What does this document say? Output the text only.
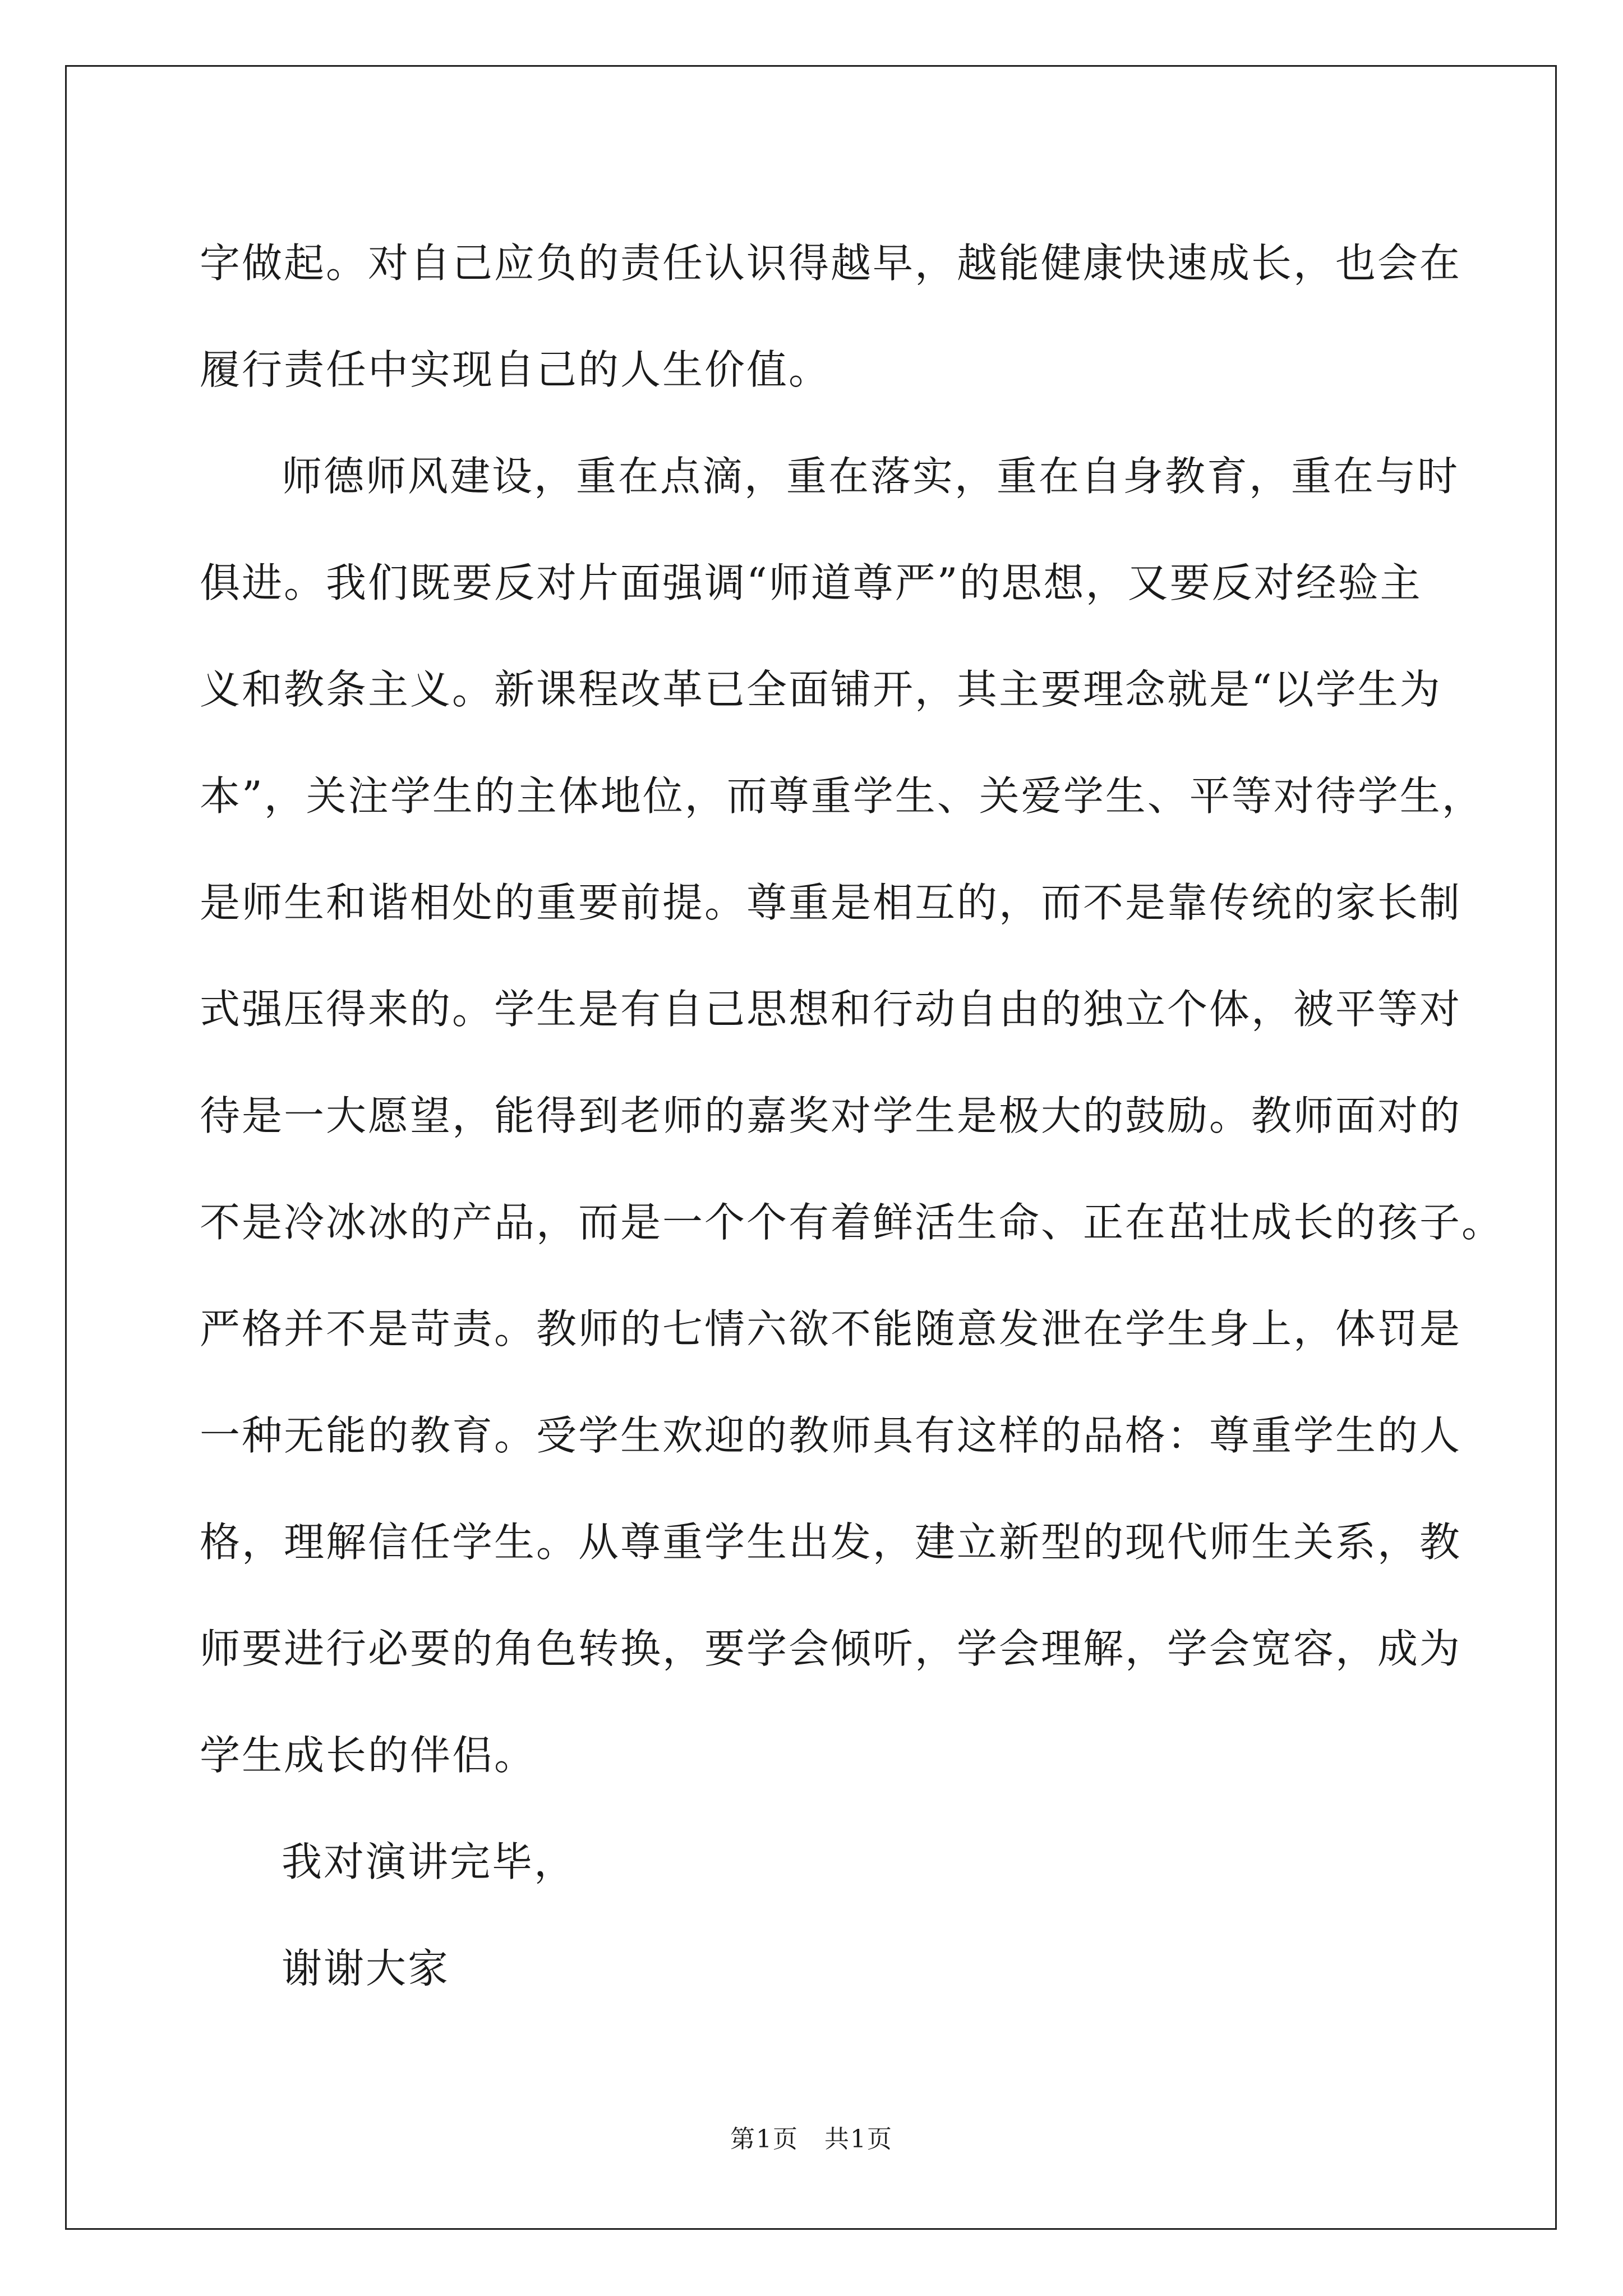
字做起。对自己应负的责任认识得越早，越能健康快速成长，也会在
履行责任中实现自己的人生价值。
师德师风建设，重在点滴，重在落实，重在自身教育，重在与时
俱进。我们既要反对片面强调“师道尊严”的思想，又要反对经验主
义和教条主义。新课程改革已全面铺开，其主要理念就是“以学生为
本”，关注学生的主体地位，而尊重学生、关爱学生、平等对待学生，
是师生和谐相处的重要前提。尊重是相互的，而不是靠传统的家长制
式强压得来的。学生是有自己思想和行动自由的独立个体，被平等对
待是一大愿望，能得到老师的嘉奖对学生是极大的鼓励。教师面对的
不是冷冰冰的产品，而是一个个有着鲜活生命、正在茁壮成长的孩子。
严格并不是苛责。教师的七情六欲不能随意发泄在学生身上，体罚是
一种无能的教育。受学生欢迎的教师具有这样的品格：尊重学生的人
格，理解信任学生。从尊重学生出发，建立新型的现代师生关系，教
师要进行必要的角色转换，要学会倾听，学会理解，学会宽容，成为
学生成长的伴侣。
我对演讲完毕，
谢谢大家
第1页　共1页
